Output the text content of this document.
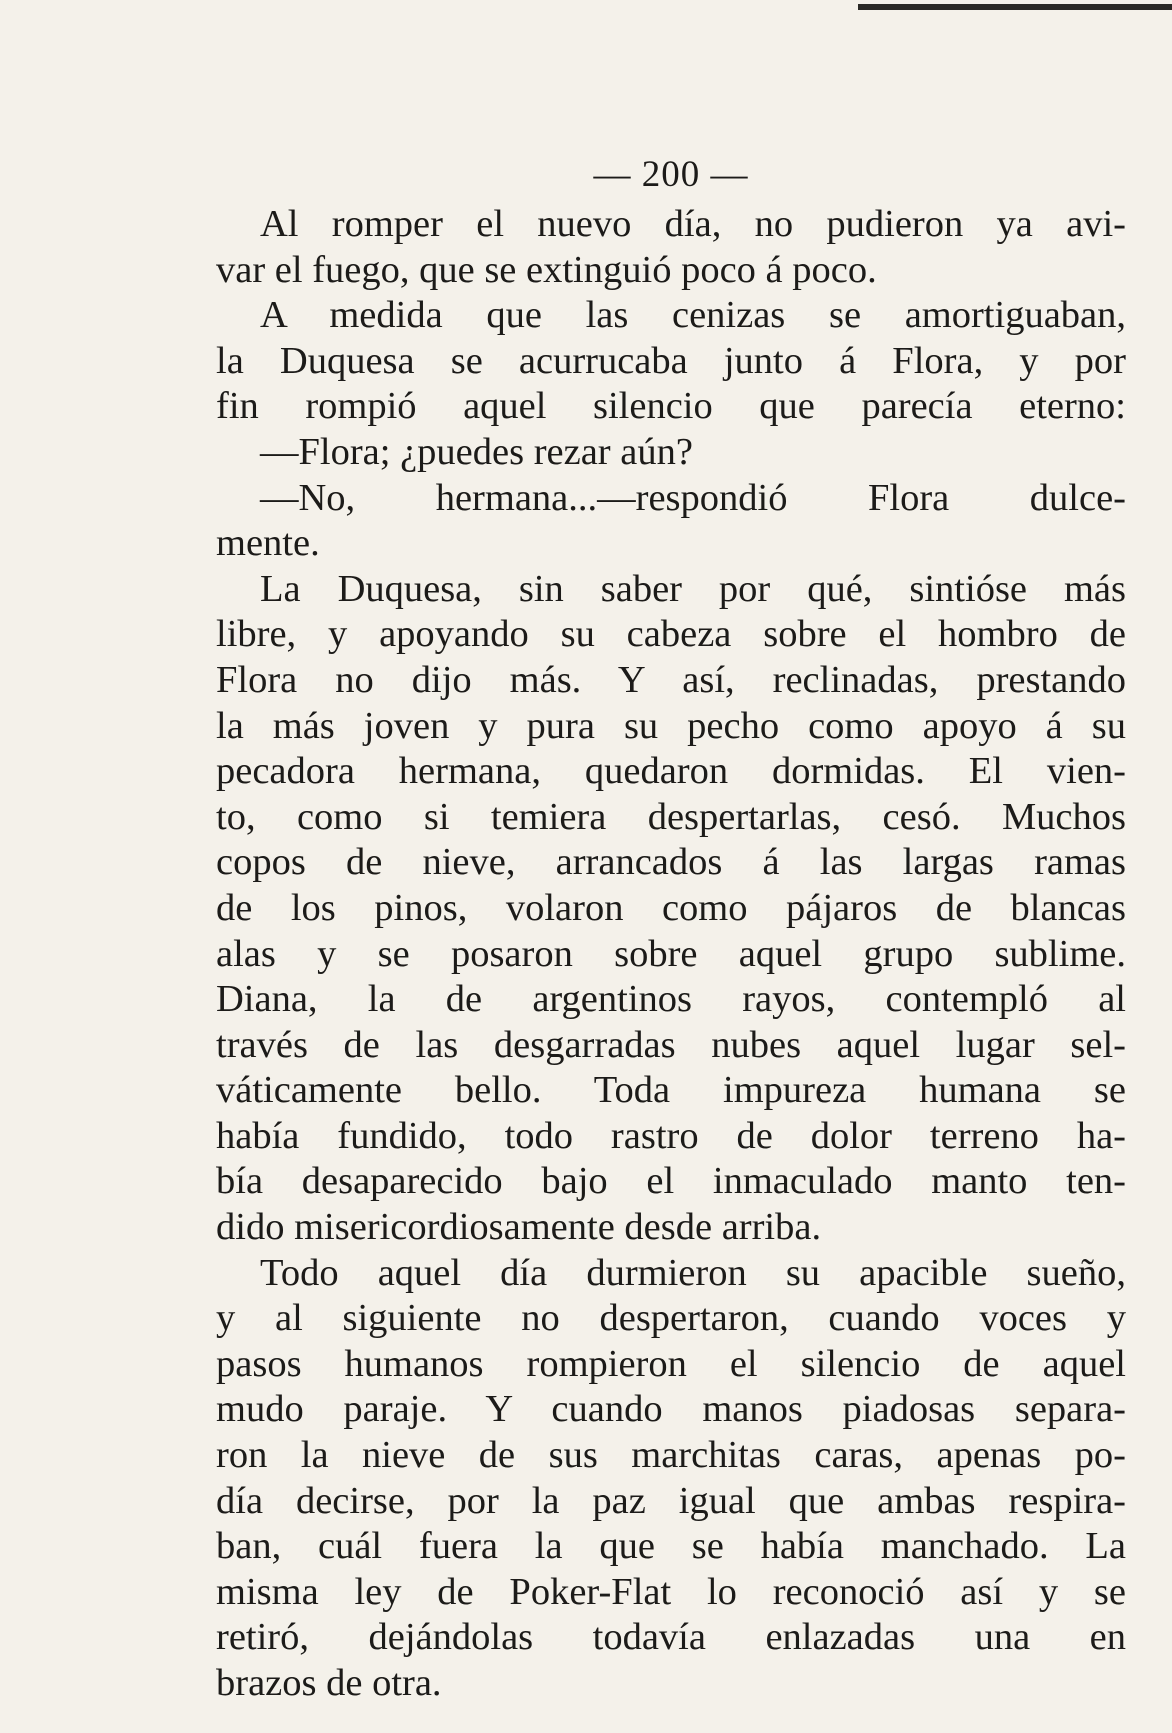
— 200 —
Al romper el nuevo día, no pudieron ya avi-
var el fuego, que se extinguió poco á poco.
A medida que las cenizas se amortiguaban,
la Duquesa se acurrucaba junto á Flora, y por
fin rompió aquel silencio que parecía eterno:
—Flora; ¿puedes rezar aún?
—No, hermana...—respondió Flora dulce-
mente.
La Duquesa, sin saber por qué, sintióse más
libre, y apoyando su cabeza sobre el hombro de
Flora no dijo más. Y así, reclinadas, prestando
la más joven y pura su pecho como apoyo á su
pecadora hermana, quedaron dormidas. El vien-
to, como si temiera despertarlas, cesó. Muchos
copos de nieve, arrancados á las largas ramas
de los pinos, volaron como pájaros de blancas
alas y se posaron sobre aquel grupo sublime.
Diana, la de argentinos rayos, contempló al
través de las desgarradas nubes aquel lugar sel-
váticamente bello. Toda impureza humana se
había fundido, todo rastro de dolor terreno ha-
bía desaparecido bajo el inmaculado manto ten-
dido misericordiosamente desde arriba.
Todo aquel día durmieron su apacible sueño,
y al siguiente no despertaron, cuando voces y
pasos humanos rompieron el silencio de aquel
mudo paraje. Y cuando manos piadosas separa-
ron la nieve de sus marchitas caras, apenas po-
día decirse, por la paz igual que ambas respira-
ban, cuál fuera la que se había manchado. La
misma ley de Poker-Flat lo reconoció así y se
retiró, dejándolas todavía enlazadas una en
brazos de otra.
